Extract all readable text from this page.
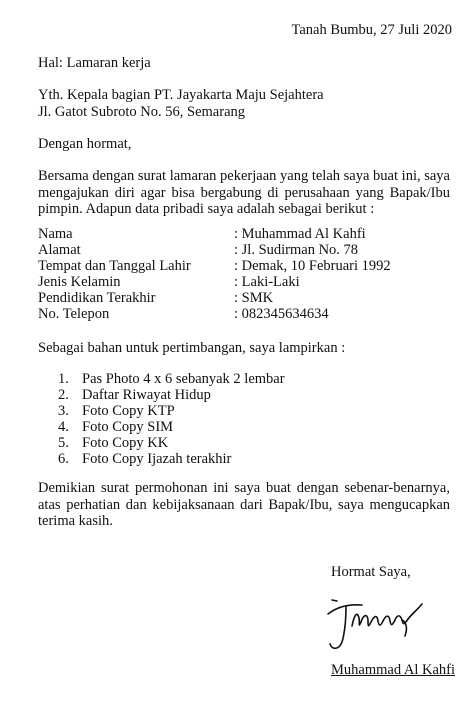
Tanah Bumbu, 27 Juli 2020
Hal: Lamaran kerja
Yth. Kepala bagian PT. Jayakarta Maju Sejahtera
Jl. Gatot Subroto No. 56, Semarang
Dengan hormat,
Bersama dengan surat lamaran pekerjaan yang telah saya buat ini, saya mengajukan diri agar bisa bergabung di perusahaan yang Bapak/Ibu pimpin. Adapun data pribadi saya adalah sebagai berikut :
Nama	: Muhammad Al Kahfi
Alamat	: Jl. Sudirman No. 78
Tempat dan Tanggal Lahir	: Demak, 10 Februari 1992
Jenis Kelamin	: Laki-Laki
Pendidikan Terakhir	: SMK
No. Telepon	: 082345634634
Sebagai bahan untuk pertimbangan, saya lampirkan :
1. Pas Photo 4 x 6 sebanyak 2 lembar
2. Daftar Riwayat Hidup
3. Foto Copy KTP
4. Foto Copy SIM
5. Foto Copy KK
6. Foto Copy Ijazah terakhir
Demikian surat permohonan ini saya buat dengan sebenar-benarnya, atas perhatian dan kebijaksanaan dari Bapak/Ibu, saya mengucapkan terima kasih.
Hormat Saya,
Muhammad Al Kahfi
